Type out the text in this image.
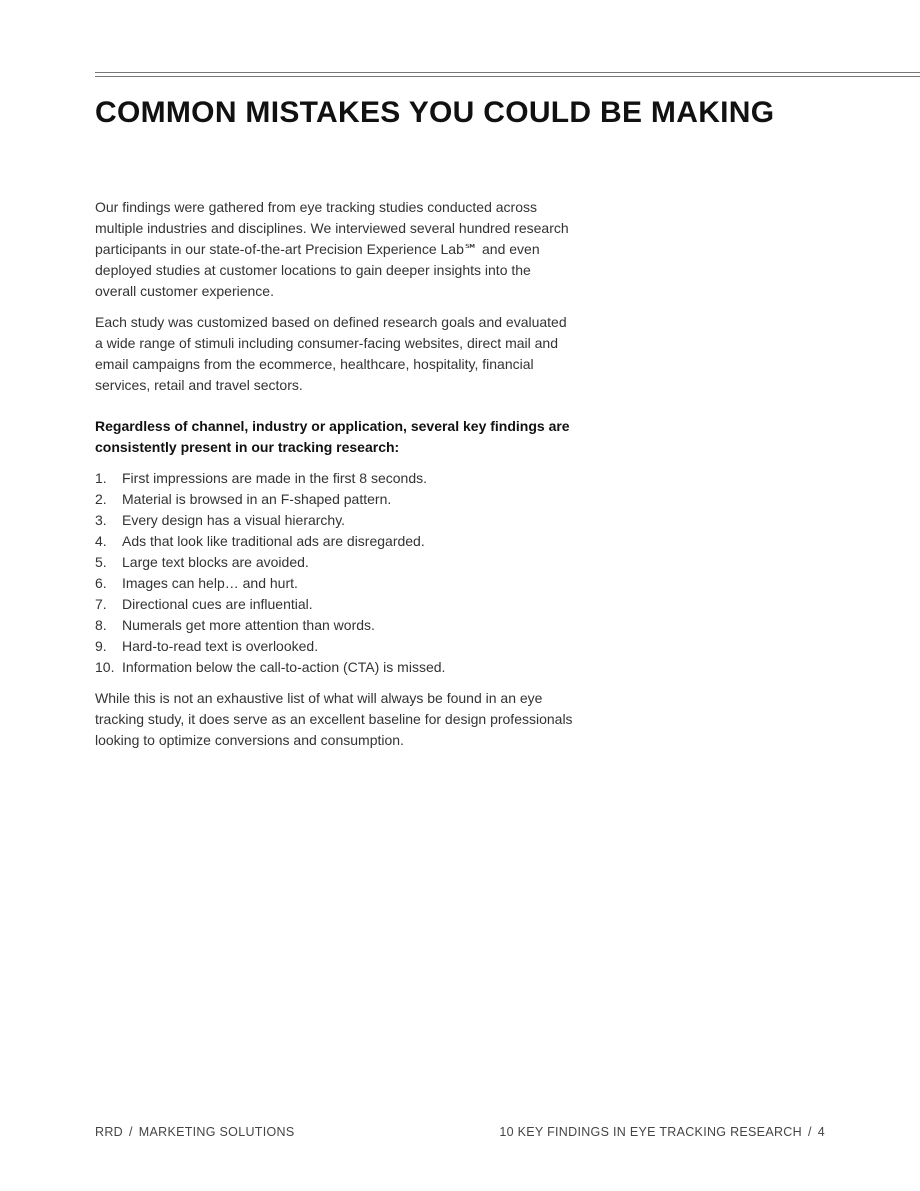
COMMON MISTAKES YOU COULD BE MAKING

Our findings were gathered from eye tracking studies conducted across multiple industries and disciplines. We interviewed several hundred research participants in our state-of-the-art Precision Experience Lab℠ and even deployed studies at customer locations to gain deeper insights into the overall customer experience.

Each study was customized based on defined research goals and evaluated a wide range of stimuli including consumer-facing websites, direct mail and email campaigns from the ecommerce, healthcare, hospitality, financial services, retail and travel sectors.

Regardless of channel, industry or application, several key findings are consistently present in our tracking research:

1.	First impressions are made in the first 8 seconds.
2.	Material is browsed in an F-shaped pattern.
3.	Every design has a visual hierarchy.
4.	Ads that look like traditional ads are disregarded.
5.	Large text blocks are avoided.
6.	Images can help… and hurt.
7.	Directional cues are influential.
8.	Numerals get more attention than words.
9.	Hard-to-read text is overlooked.
10. Information below the call-to-action (CTA) is missed.

While this is not an exhaustive list of what will always be found in an eye tracking study, it does serve as an excellent baseline for design professionals looking to optimize conversions and consumption.

RRD / MARKETING SOLUTIONS	10 KEY FINDINGS IN EYE TRACKING RESEARCH / 4
